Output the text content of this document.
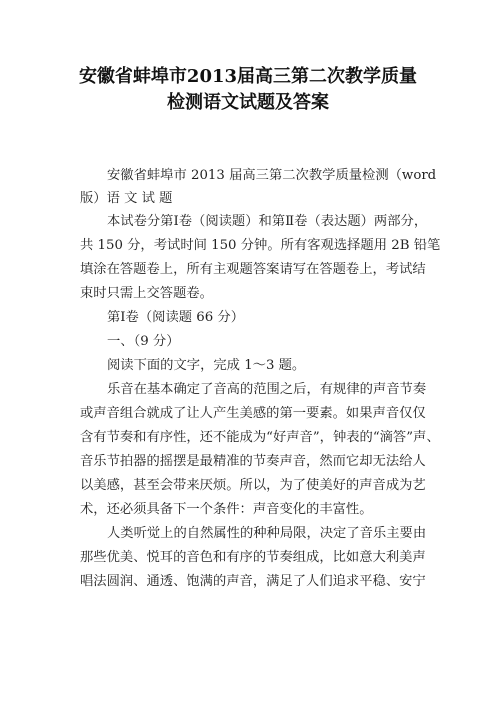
安徽省蚌埠市2013届高三第二次教学质量
检测语文试题及答案
安徽省蚌埠市 2013 届高三第二次教学质量检测（word
版）语 文 试 题
本试卷分第Ⅰ卷（阅读题）和第Ⅱ卷（表达题）两部分，
共 150 分，考试时间 150 分钟。所有客观选择题用 2B 铅笔
填涂在答题卷上，所有主观题答案请写在答题卷上，考试结
束时只需上交答题卷。
第Ⅰ卷（阅读题 66 分）
一、（9 分）
阅读下面的文字，完成 1～3 题。
乐音在基本确定了音高的范围之后，有规律的声音节奏
或声音组合就成了让人产生美感的第一要素。如果声音仅仅
含有节奏和有序性，还不能成为“好声音”，钟表的“滴答”声、
音乐节拍器的摇摆是最精准的节奏声音，然而它却无法给人
以美感，甚至会带来厌烦。所以，为了使美好的声音成为艺
术，还必须具备下一个条件：声音变化的丰富性。
人类听觉上的自然属性的种种局限，决定了音乐主要由
那些优美、悦耳的音色和有序的节奏组成，比如意大利美声
唱法圆润、通透、饱满的声音，满足了人们追求平稳、安宁
